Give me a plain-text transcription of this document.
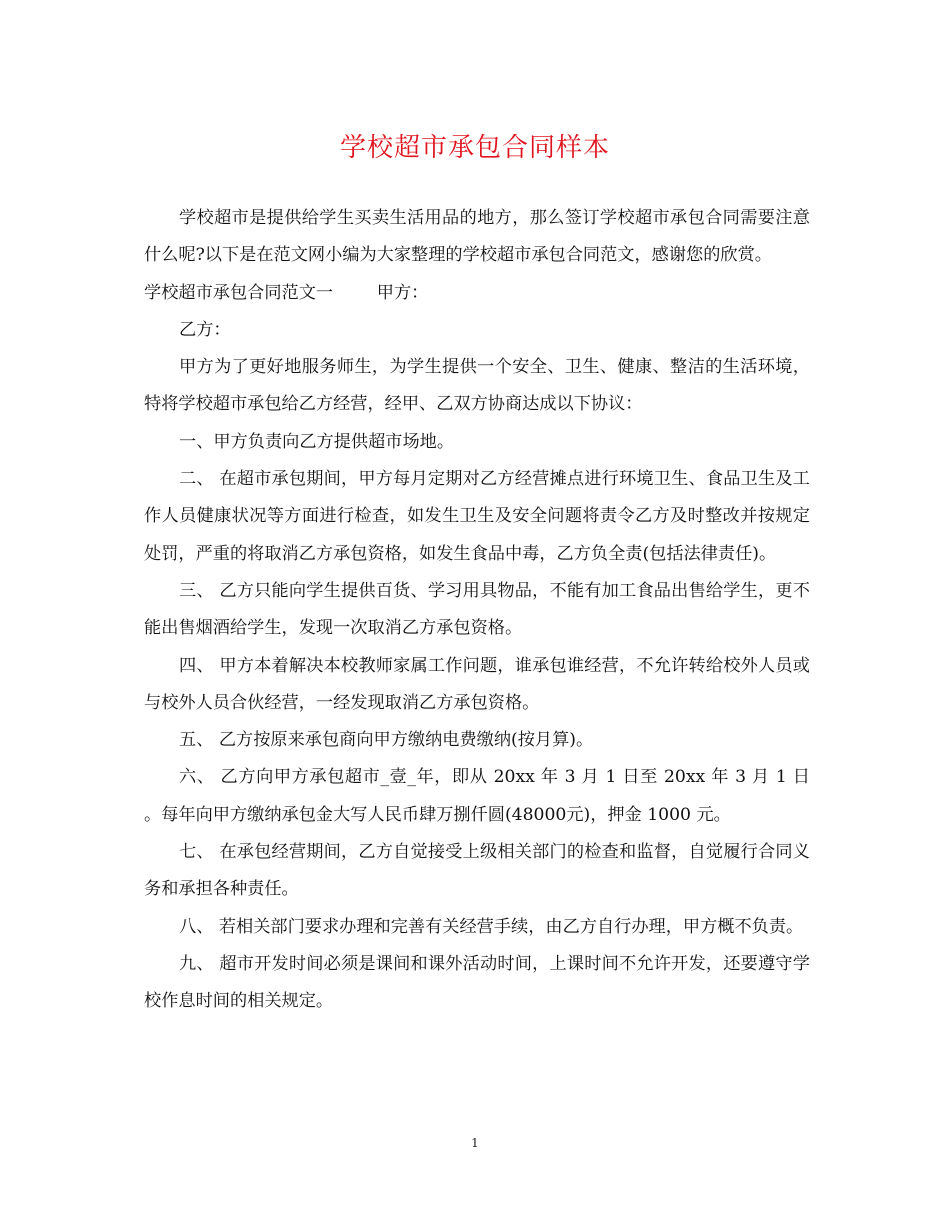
学校超市承包合同样本

学校超市是提供给学生买卖生活用品的地方，那么签订学校超市承包合同需要注意什么呢?以下是在范文网小编为大家整理的学校超市承包合同范文，感谢您的欣赏。

学校超市承包合同范文一	甲方：

乙方：

甲方为了更好地服务师生，为学生提供一个安全、卫生、健康、整洁的生活环境，特将学校超市承包给乙方经营，经甲、乙双方协商达成以下协议：

一、甲方负责向乙方提供超市场地。

二、 在超市承包期间，甲方每月定期对乙方经营摊点进行环境卫生、食品卫生及工作人员健康状况等方面进行检查，如发生卫生及安全问题将责令乙方及时整改并按规定处罚，严重的将取消乙方承包资格，如发生食品中毒，乙方负全责(包括法律责任)。

三、 乙方只能向学生提供百货、学习用具物品，不能有加工食品出售给学生，更不能出售烟酒给学生，发现一次取消乙方承包资格。

四、 甲方本着解决本校教师家属工作问题，谁承包谁经营，不允许转给校外人员或与校外人员合伙经营，一经发现取消乙方承包资格。

五、 乙方按原来承包商向甲方缴纳电费缴纳(按月算)。

六、 乙方向甲方承包超市_壹_年，即从 20xx 年 3 月 1 日至 20xx 年 3 月 1 日 。每年向甲方缴纳承包金大写人民币肆万捌仟圆(48000元)，押金 1000 元。

七、 在承包经营期间，乙方自觉接受上级相关部门的检查和监督，自觉履行合同义务和承担各种责任。

八、 若相关部门要求办理和完善有关经营手续，由乙方自行办理，甲方概不负责。

九、 超市开发时间必须是课间和课外活动时间，上课时间不允许开发，还要遵守学校作息时间的相关规定。

1
